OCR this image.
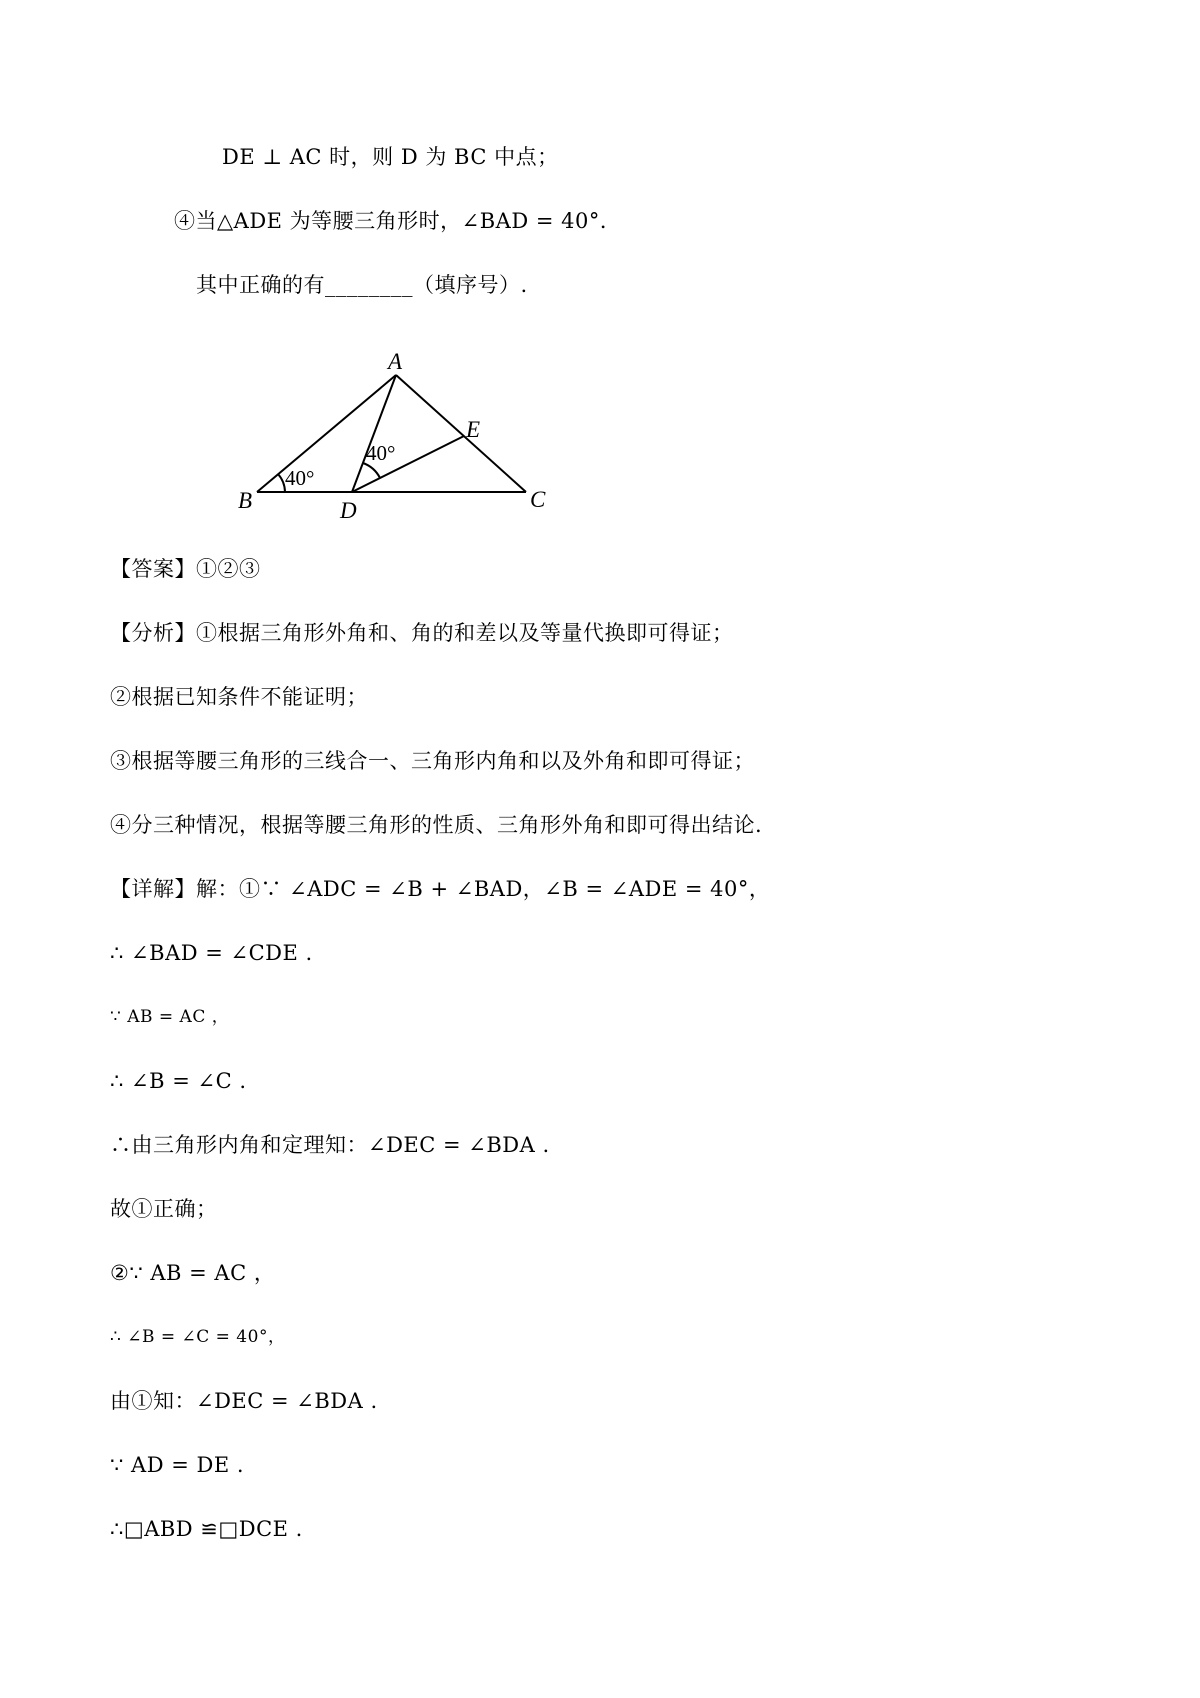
DE ⊥ AC 时，则 D 为 BC 中点；
④当△ADE 为等腰三角形时，∠BAD = 40°．
其中正确的有________（填序号）.
A
B	C
D
E
40°
40°
【答案】①②③
【分析】①根据三角形外角和、角的和差以及等量代换即可得证；
②根据已知条件不能证明；
③根据等腰三角形的三线合一、三角形内角和以及外角和即可得证；
④分三种情况，根据等腰三角形的性质、三角形外角和即可得出结论.
【详解】解：①∵ ∠ADC = ∠B + ∠BAD，∠B = ∠ADE = 40°，
∴ ∠BAD = ∠CDE .
∵ AB = AC ，
∴ ∠B = ∠C .
∴由三角形内角和定理知：∠DEC = ∠BDA .
故①正确；
②∵ AB = AC ，
∴ ∠B = ∠C = 40°，
由①知：∠DEC = ∠BDA .
∵ AD = DE .
∴□ABD ≌□DCE .
